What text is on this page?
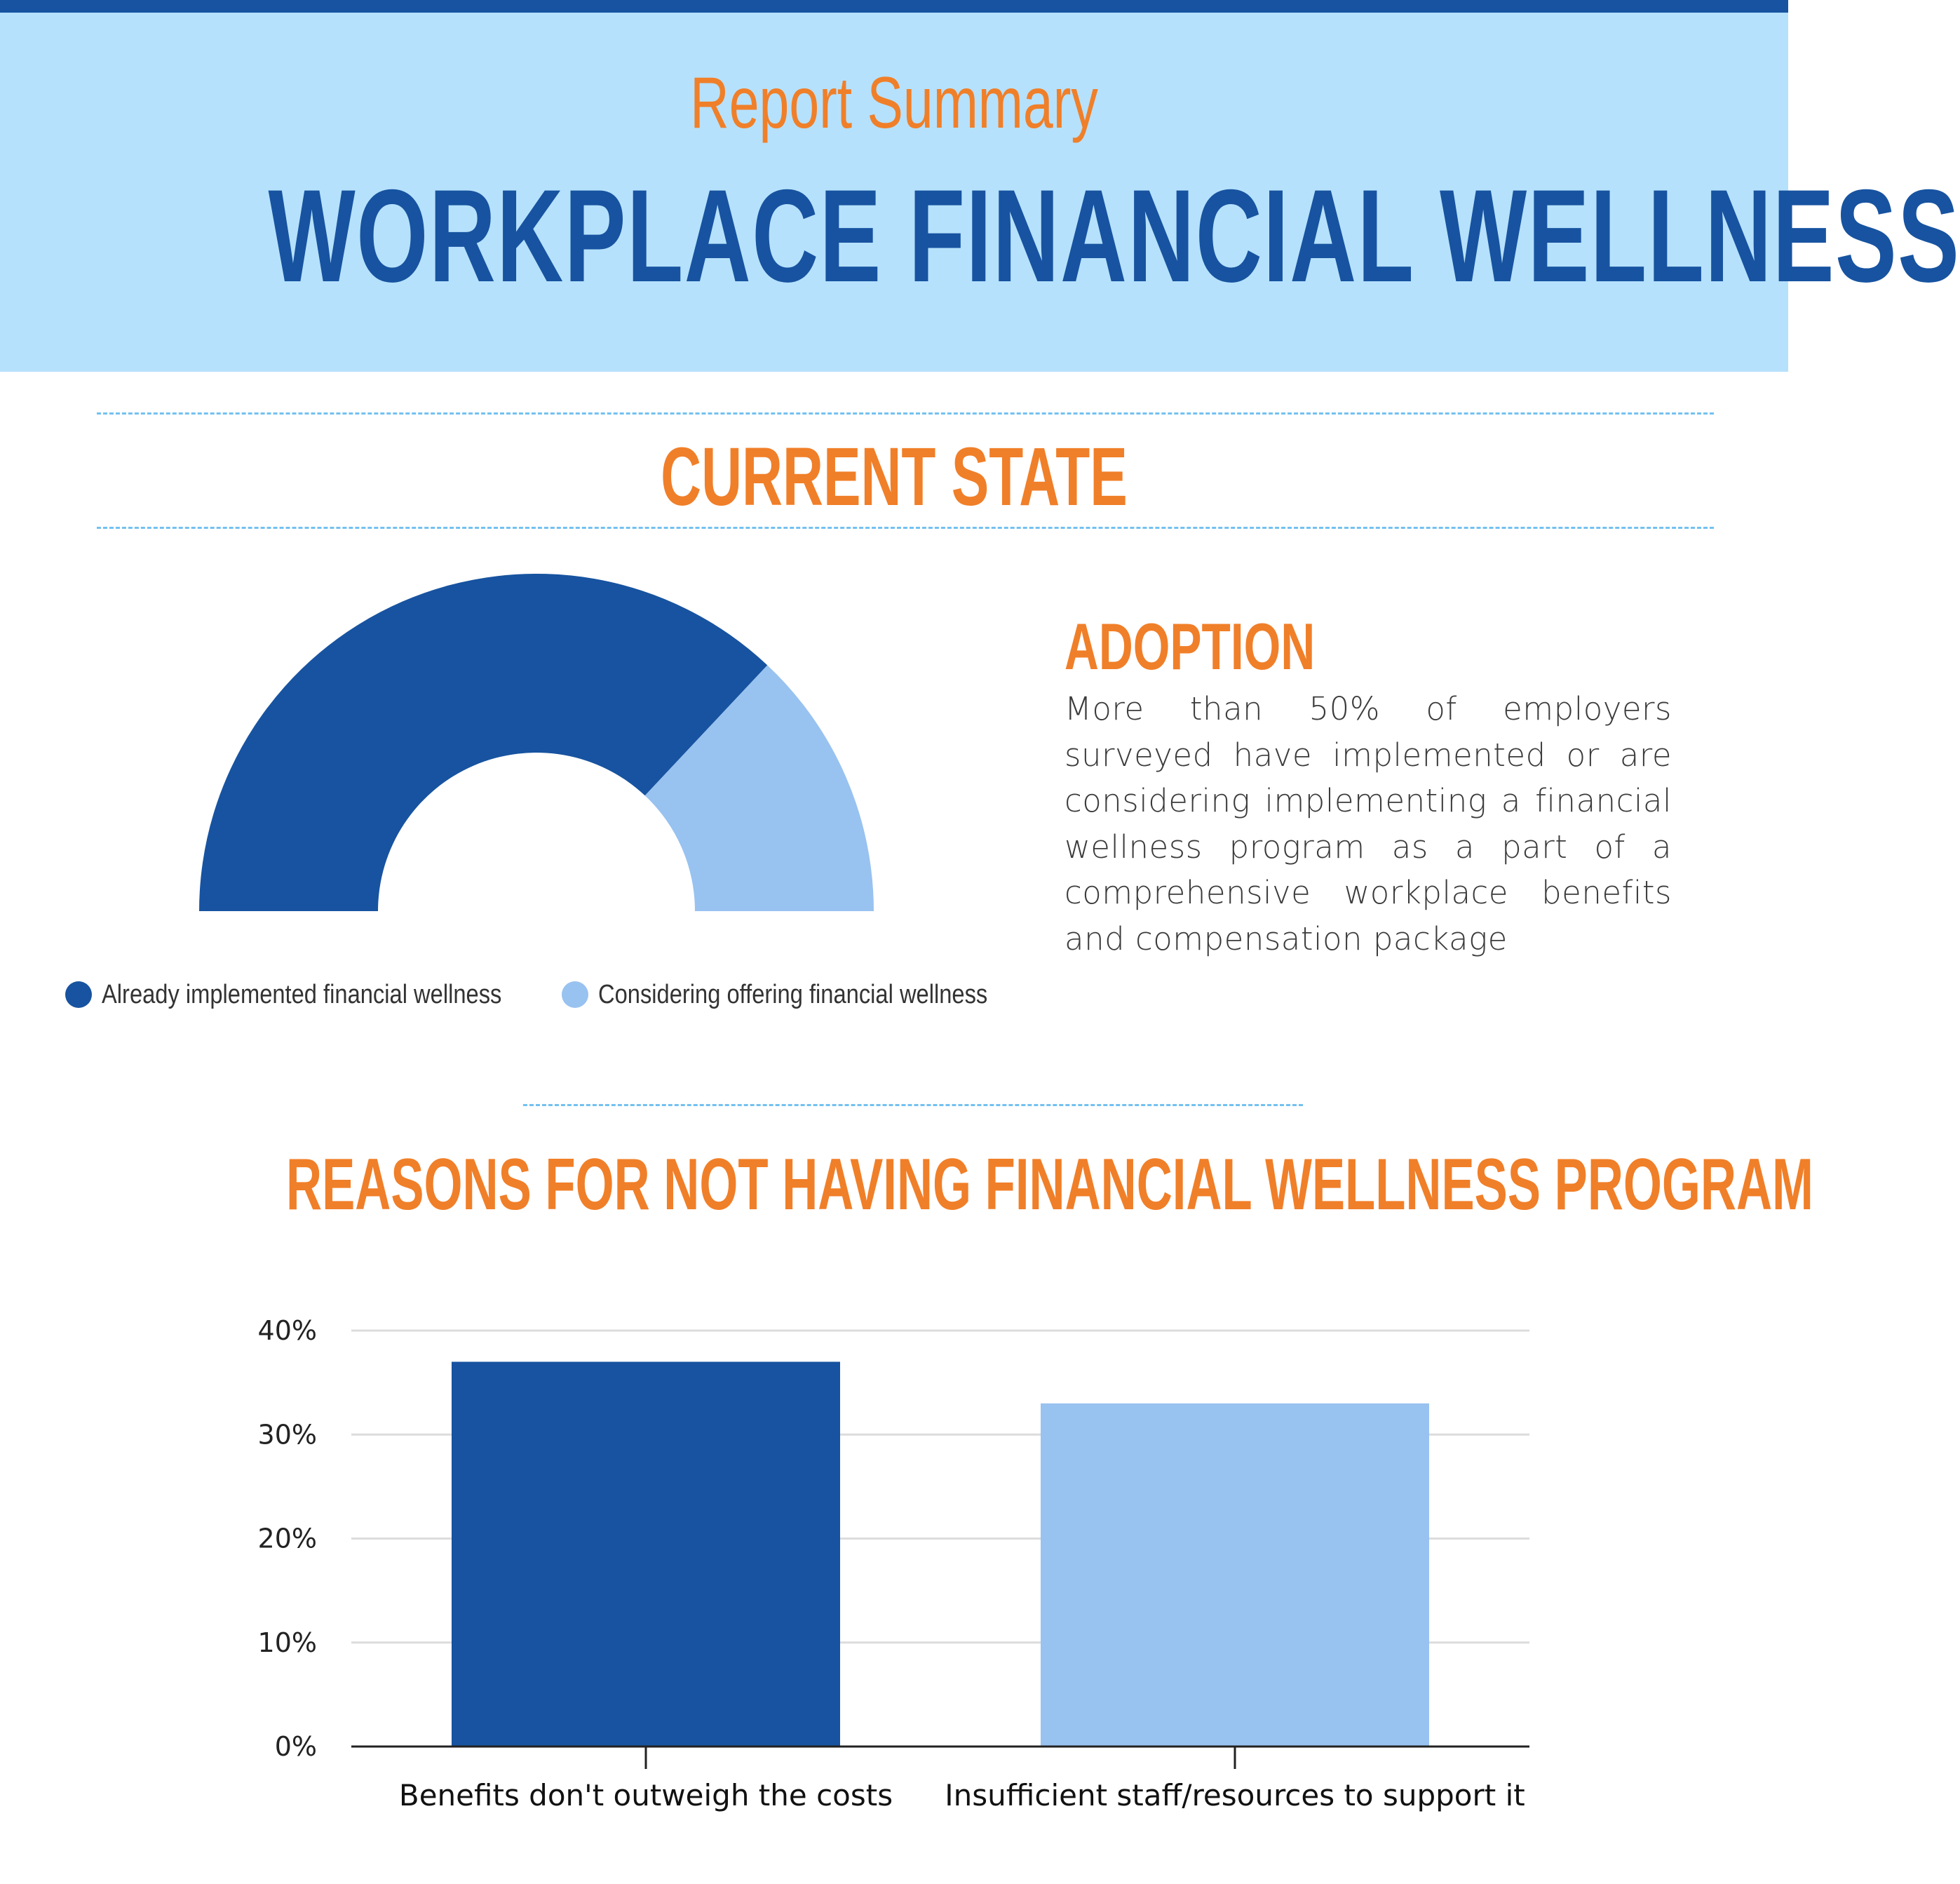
Report Summary
WORKPLACE FINANCIAL WELLNESS
CURRENT STATE
Already implemented financial wellness	Considering offering financial wellness
ADOPTION
More than 50% of employers surveyed have implemented or are considering implementing a financial wellness program as a part of a comprehensive workplace benefits and compensation package
REASONS FOR NOT HAVING FINANCIAL WELLNESS PROGRAM
0%
10%
20%
30%
40%
Benefits don't outweigh the costs Insufficient staff/resources to support it
